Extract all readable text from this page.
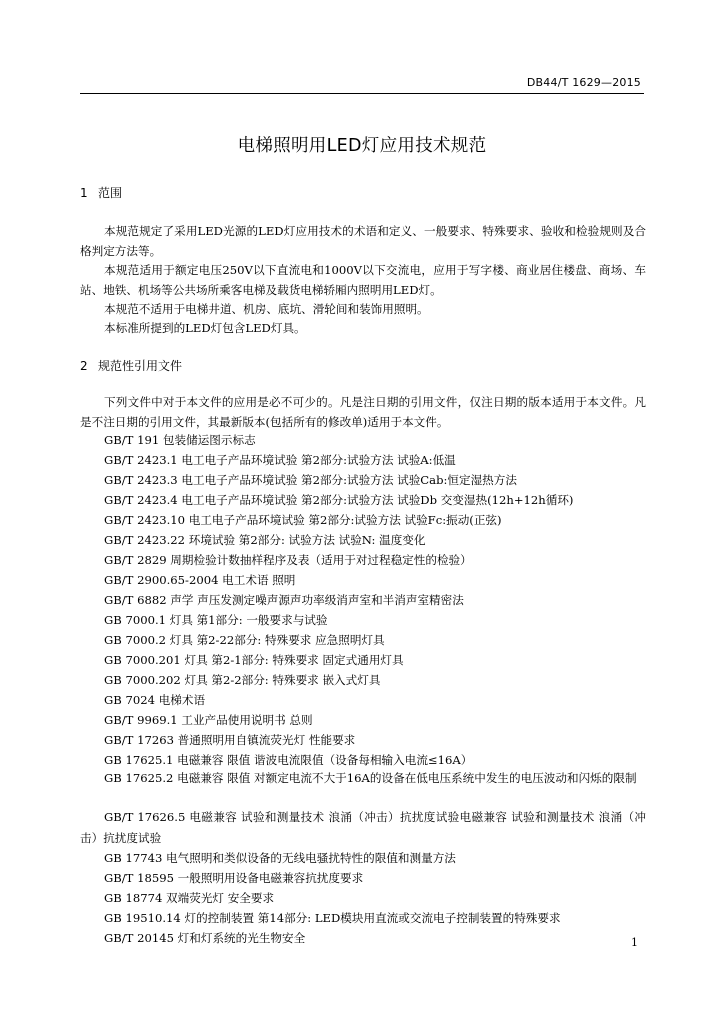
DB44/T 1629—2015
电梯照明用LED灯应用技术规范
1 范围
本规范规定了采用LED光源的LED灯应用技术的术语和定义、一般要求、特殊要求、验收和检验规则及合格判定方法等。
本规范适用于额定电压250V以下直流电和1000V以下交流电，应用于写字楼、商业居住楼盘、商场、车站、地铁、机场等公共场所乘客电梯及载货电梯轿厢内照明用LED灯。
本规范不适用于电梯井道、机房、底坑、滑轮间和装饰用照明。
本标准所提到的LED灯包含LED灯具。
2 规范性引用文件
下列文件中对于本文件的应用是必不可少的。凡是注日期的引用文件，仅注日期的版本适用于本文件。凡是不注日期的引用文件，其最新版本(包括所有的修改单)适用于本文件。
GB/T 191 包装储运图示标志
GB/T 2423.1 电工电子产品环境试验 第2部分:试验方法 试验A:低温
GB/T 2423.3 电工电子产品环境试验 第2部分:试验方法 试验Cab:恒定湿热方法
GB/T 2423.4 电工电子产品环境试验 第2部分:试验方法 试验Db 交变湿热(12h+12h循环)
GB/T 2423.10 电工电子产品环境试验 第2部分:试验方法 试验Fc:振动(正弦)
GB/T 2423.22 环境试验 第2部分: 试验方法 试验N: 温度变化
GB/T 2829 周期检验计数抽样程序及表（适用于对过程稳定性的检验）
GB/T 2900.65-2004 电工术语 照明
GB/T 6882 声学 声压发测定噪声源声功率级消声室和半消声室精密法
GB 7000.1 灯具 第1部分: 一般要求与试验
GB 7000.2 灯具 第2-22部分: 特殊要求 应急照明灯具
GB 7000.201 灯具 第2-1部分: 特殊要求 固定式通用灯具
GB 7000.202 灯具 第2-2部分: 特殊要求 嵌入式灯具
GB 7024 电梯术语
GB/T 9969.1 工业产品使用说明书 总则
GB/T 17263 普通照明用自镇流荧光灯 性能要求
GB 17625.1 电磁兼容 限值 谐波电流限值（设备每相输入电流≤16A）
GB 17625.2 电磁兼容 限值 对额定电流不大于16A的设备在低电压系统中发生的电压波动和闪烁的限制
GB/T 17626.5 电磁兼容 试验和测量技术 浪涌（冲击）抗扰度试验电磁兼容 试验和测量技术 浪涌（冲击）抗扰度试验
GB 17743 电气照明和类似设备的无线电骚扰特性的限值和测量方法
GB/T 18595 一般照明用设备电磁兼容抗扰度要求
GB 18774 双端荧光灯 安全要求
GB 19510.14 灯的控制装置 第14部分: LED模块用直流或交流电子控制装置的特殊要求
GB/T 20145 灯和灯系统的光生物安全	1
